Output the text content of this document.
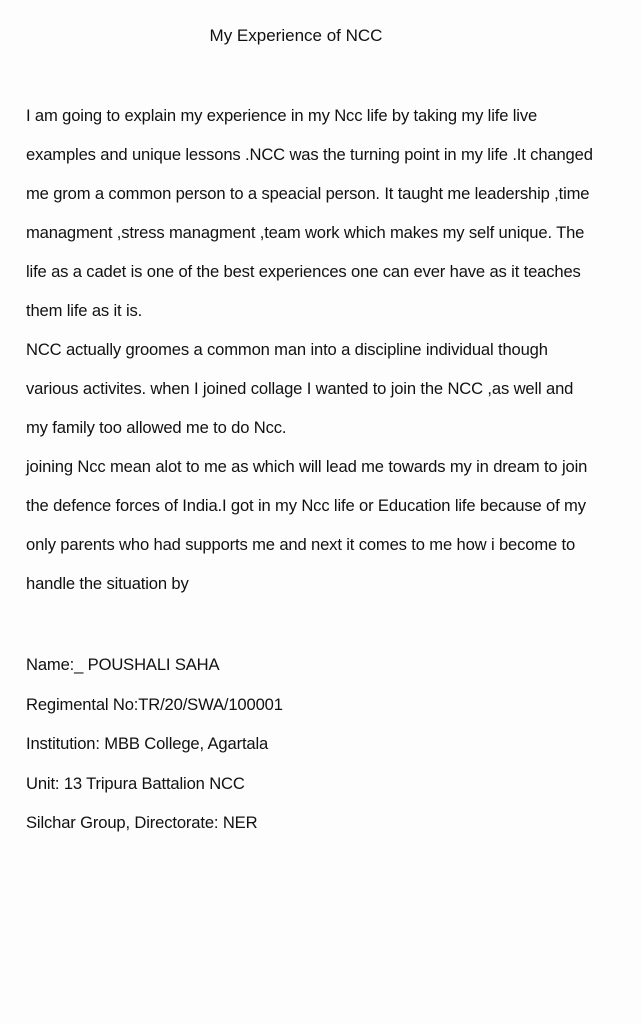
My Experience of NCC
I am going to explain my experience in my Ncc life by taking my life live
examples and unique lessons .NCC was the turning point in my life .It changed
me grom a common person to a speacial person. It taught me leadership ,time
managment ,stress managment ,team work which makes my self unique. The
life as a cadet is one of the best experiences one can ever have as it teaches
them life as it is.
NCC actually groomes a common man into a discipline individual though
various activites. when I joined collage I wanted to join the NCC ,as well and
my family too allowed me to do Ncc.
joining Ncc mean alot to me as which will lead me towards my in dream to join
the defence forces of India.I got in my Ncc life or Education life because of my
only parents who had supports me and next it comes to me how i become to
handle the situation by
Name:_ POUSHALI SAHA
Regimental No:TR/20/SWA/100001
Institution: MBB College, Agartala
Unit: 13 Tripura Battalion NCC
Silchar Group, Directorate: NER
